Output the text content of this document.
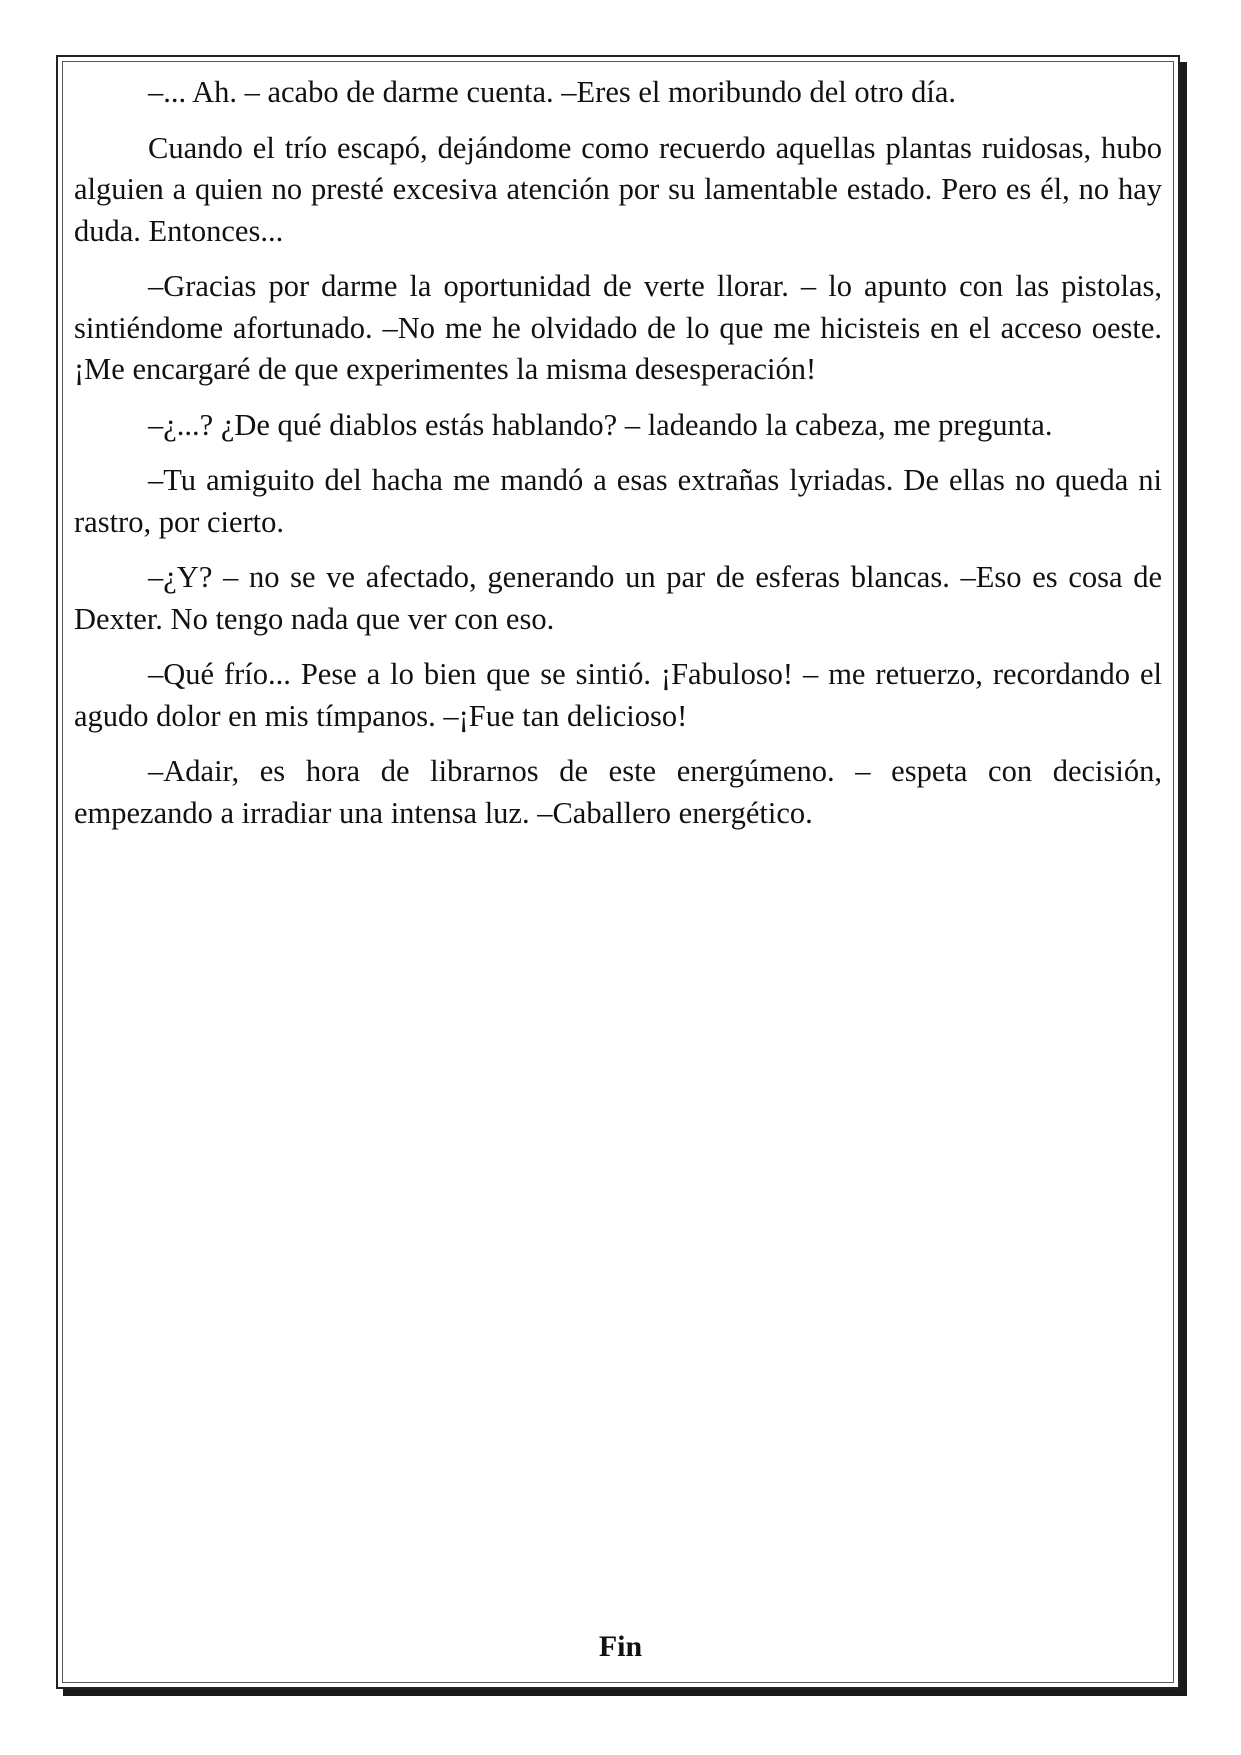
–... Ah. – acabo de darme cuenta. –Eres el moribundo del otro día.

Cuando el trío escapó, dejándome como recuerdo aquellas plantas ruidosas, hubo alguien a quien no presté excesiva atención por su lamentable estado. Pero es él, no hay duda. Entonces...

–Gracias por darme la oportunidad de verte llorar. – lo apunto con las pistolas, sintiéndome afortunado. –No me he olvidado de lo que me hicisteis en el acceso oeste. ¡Me encargaré de que experimentes la misma desesperación!

–¿...? ¿De qué diablos estás hablando? – ladeando la cabeza, me pregunta.

–Tu amiguito del hacha me mandó a esas extrañas lyriadas. De ellas no queda ni rastro, por cierto.

–¿Y? – no se ve afectado, generando un par de esferas blancas. –Eso es cosa de Dexter. No tengo nada que ver con eso.

–Qué frío... Pese a lo bien que se sintió. ¡Fabuloso! – me retuerzo, recordando el agudo dolor en mis tímpanos. –¡Fue tan delicioso!

–Adair, es hora de librarnos de este energúmeno. – espeta con decisión, empezando a irradiar una intensa luz. –Caballero energético.

Fin
